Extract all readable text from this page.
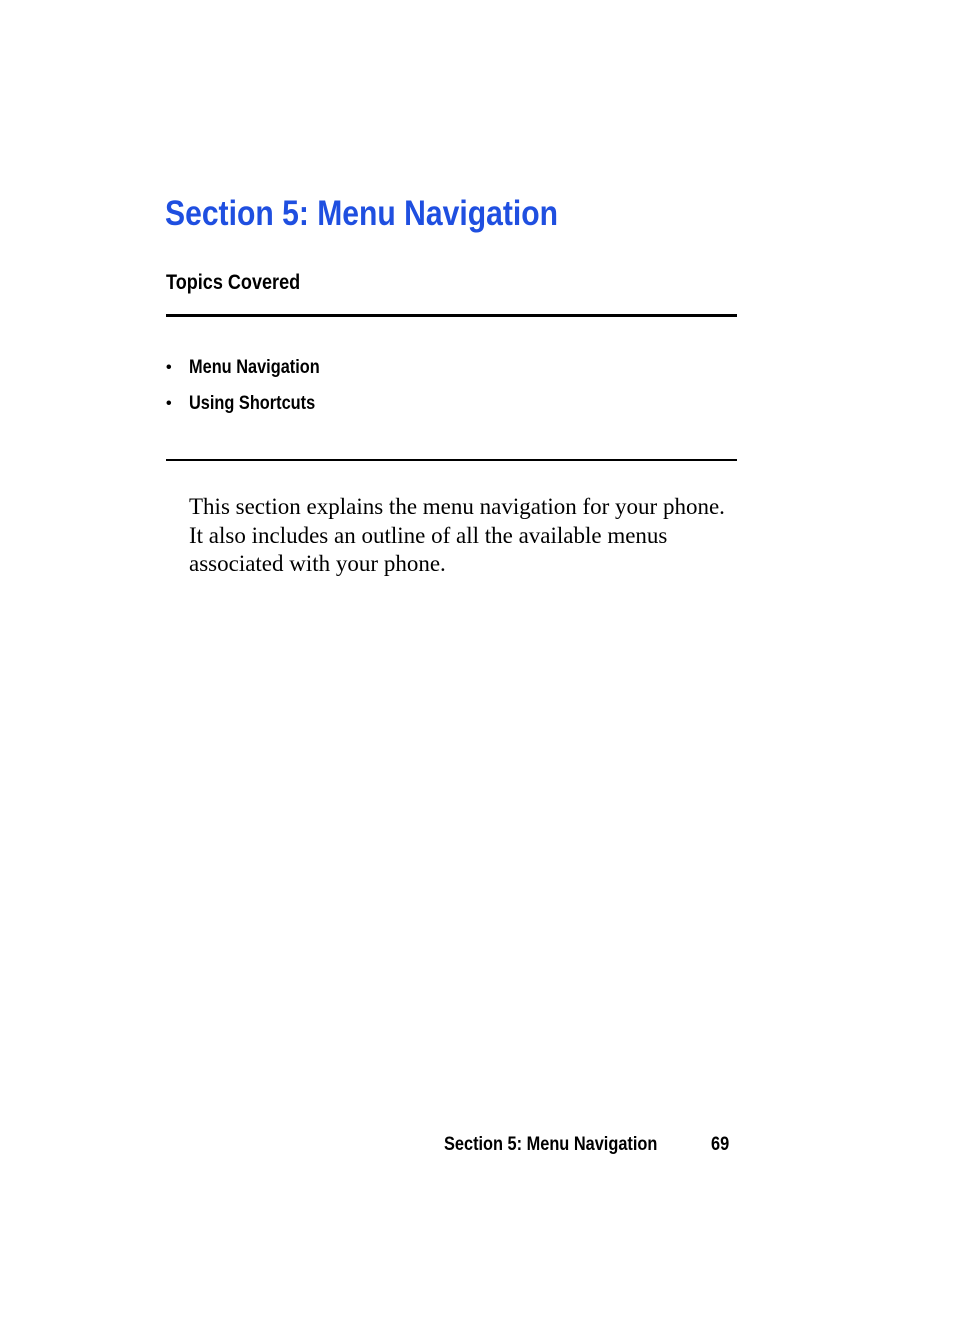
Section 5: Menu Navigation
Topics Covered
• Menu Navigation
• Using Shortcuts

This section explains the menu navigation for your phone. It also includes an outline of all the available menus associated with your phone.

Section 5: Menu Navigation	69
